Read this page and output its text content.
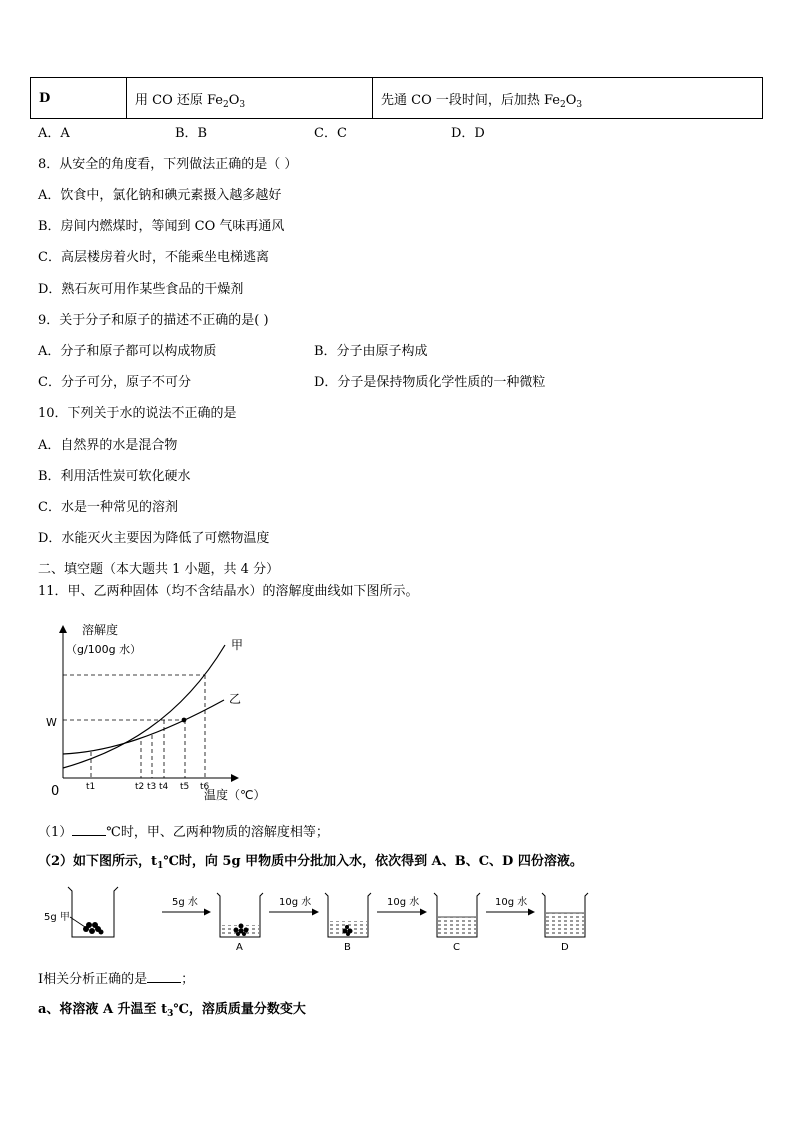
D	用 CO 还原 $Fe_2O_3$	先通 CO 一段时间，后加热 $Fe_2O_3$
A．A	B．B	C．C	D．D
8．从安全的角度看，下列做法正确的是（ ）
A．饮食中，氯化钠和碘元素摄入越多越好
B．房间内燃煤时，等闻到 CO 气味再通风
C．高层楼房着火时，不能乘坐电梯逃离
D．熟石灰可用作某些食品的干燥剂
9．关于分子和原子的描述不正确的是( )
A．分子和原子都可以构成物质	B．分子由原子构成
C．分子可分，原子不可分	D．分子是保持物质化学性质的一种微粒
10．下列关于水的说法不正确的是
A．自然界的水是混合物
B．利用活性炭可软化硬水
C．水是一种常见的溶剂
D．水能灭火主要因为降低了可燃物温度
二、填空题（本大题共 1 小题，共 4 分）
11．甲、乙两种固体（均不含结晶水）的溶解度曲线如下图所示。
溶解度
（g/100g 水）
温度（℃）
0
W
甲
乙
t1	t2 t3 t4 t5 t6
（1）	℃时，甲、乙两种物质的溶解度相等；
（2）如下图所示，$t_1℃$时，向 5g 甲物质中分批加入水，依次得到 A、B、C、D 四份溶液。
5g 甲
5g 水	10g 水	10g 水	10g 水
A	B	C	D
Ⅰ相关分析正确的是	；
a、将溶液 A 升温至 $t_3℃$，溶质质量分数变大
